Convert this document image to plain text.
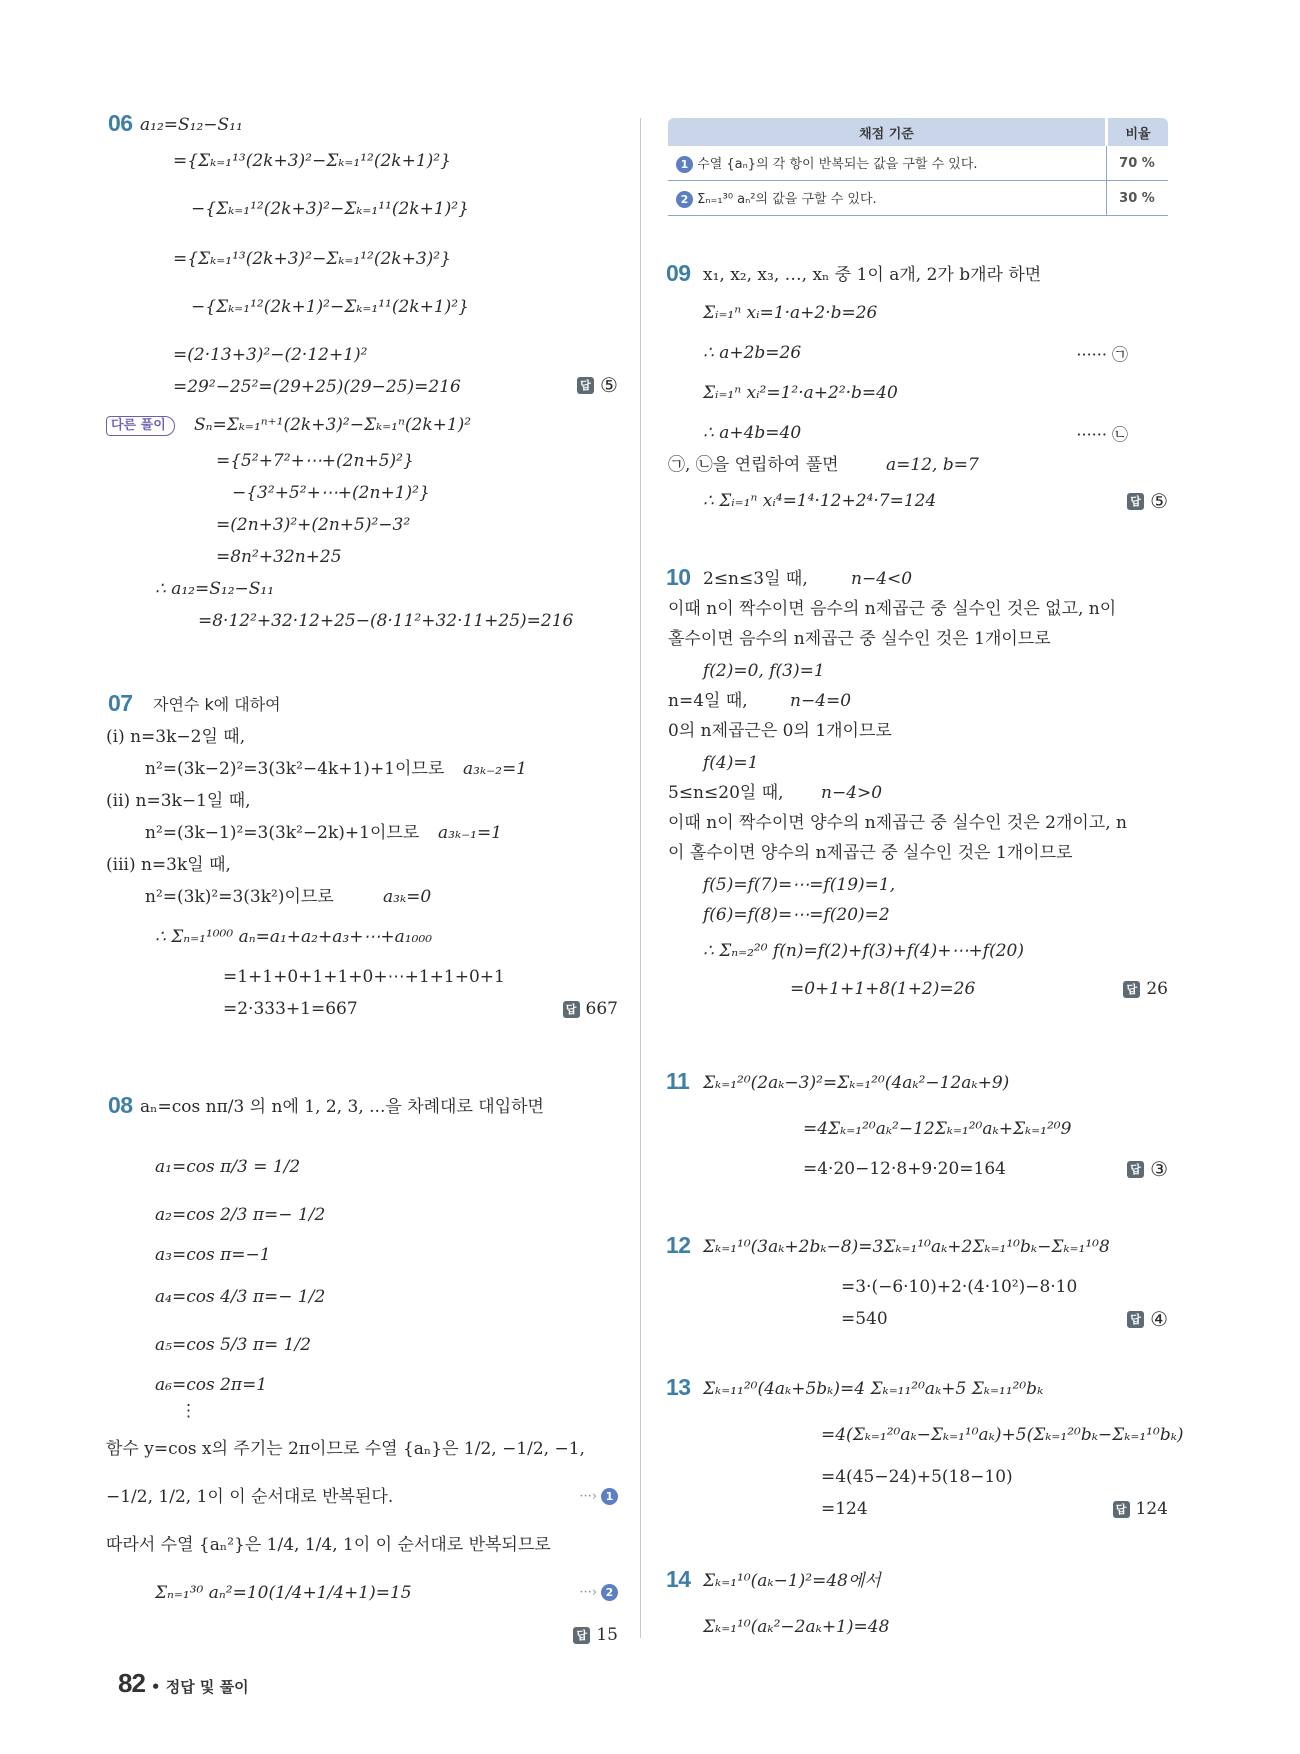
06 a₁₂=S₁₂−S₁₁
={Σₖ₌₁¹³(2k+3)²−Σₖ₌₁¹²(2k+1)²}
−{Σₖ₌₁¹²(2k+3)²−Σₖ₌₁¹¹(2k+1)²}
={Σₖ₌₁¹³(2k+3)²−Σₖ₌₁¹²(2k+3)²}
−{Σₖ₌₁¹²(2k+1)²−Σₖ₌₁¹¹(2k+1)²}
=(2·13+3)²−(2·12+1)²
=29²−25²=(29+25)(29−25)=216	답 ⑤
다른 풀이	Sₙ=Σₖ₌₁ⁿ⁺¹(2k+3)²−Σₖ₌₁ⁿ(2k+1)²
={5²+7²+⋯+(2n+5)²}
−{3²+5²+⋯+(2n+1)²}
=(2n+3)²+(2n+5)²−3²
=8n²+32n+25
∴ a₁₂=S₁₂−S₁₁
=8·12²+32·12+25−(8·11²+32·11+25)=216
07 자연수 k에 대하여
(i) n=3k−2일 때,
n²=(3k−2)²=3(3k²−4k+1)+1이므로 a₃ₖ₋₂=1
(ii) n=3k−1일 때,
n²=(3k−1)²=3(3k²−2k)+1이므로 a₃ₖ₋₁=1
(iii) n=3k일 때,
n²=(3k)²=3(3k²)이므로	a₃ₖ=0
∴ Σₙ₌₁¹⁰⁰⁰ aₙ=a₁+a₂+a₃+⋯+a₁₀₀₀
=1+1+0+1+1+0+⋯+1+1+0+1
=2·333+1=667	답 667
08 aₙ=cos nπ/3 의 n에 1, 2, 3, ...을 차례대로 대입하면
a₁=cos π/3 = 1/2
a₂=cos 2/3 π=− 1/2
a₃=cos π=−1
a₄=cos 4/3 π=− 1/2
a₅=cos 5/3 π= 1/2
a₆=cos 2π=1
⋮
함수 y=cos x의 주기는 2π이므로 수열 {aₙ}은 1/2, −1/2, −1,
−1/2, 1/2, 1이 이 순서대로 반복된다.	···› 1
따라서 수열 {aₙ²}은 1/4, 1/4, 1이 이 순서대로 반복되므로
Σₙ₌₁³⁰ aₙ²=10(1/4+1/4+1)=15	···› 2
답 15
채점 기준	비율
1 수열 {aₙ}의 각 항이 반복되는 값을 구할 수 있다.	70 %
2 Σₙ₌₁³⁰ aₙ²의 값을 구할 수 있다.	30 %
09 x₁, x₂, x₃, …, xₙ 중 1이 a개, 2가 b개라 하면
Σᵢ₌₁ⁿ xᵢ=1·a+2·b=26
∴ a+2b=26	······ ㉠
Σᵢ₌₁ⁿ xᵢ²=1²·a+2²·b=40
∴ a+4b=40	······ ㉡
㉠, ㉡을 연립하여 풀면	a=12, b=7
∴ Σᵢ₌₁ⁿ xᵢ⁴=1⁴·12+2⁴·7=124	답 ⑤
10 2≤n≤3일 때,	n−4<0
이때 n이 짝수이면 음수의 n제곱근 중 실수인 것은 없고, n이
홀수이면 음수의 n제곱근 중 실수인 것은 1개이므로
f(2)=0, f(3)=1
n=4일 때, n−4=0
0의 n제곱근은 0의 1개이므로
f(4)=1
5≤n≤20일 때, n−4>0
이때 n이 짝수이면 양수의 n제곱근 중 실수인 것은 2개이고, n
이 홀수이면 양수의 n제곱근 중 실수인 것은 1개이므로
f(5)=f(7)=⋯=f(19)=1,
f(6)=f(8)=⋯=f(20)=2
∴ Σₙ₌₂²⁰ f(n)=f(2)+f(3)+f(4)+⋯+f(20)
=0+1+1+8(1+2)=26	답 26
11 Σₖ₌₁²⁰(2aₖ−3)²=Σₖ₌₁²⁰(4aₖ²−12aₖ+9)
=4Σₖ₌₁²⁰aₖ²−12Σₖ₌₁²⁰aₖ+Σₖ₌₁²⁰9
=4·20−12·8+9·20=164	답 ③
12 Σₖ₌₁¹⁰(3aₖ+2bₖ−8)=3Σₖ₌₁¹⁰aₖ+2Σₖ₌₁¹⁰bₖ−Σₖ₌₁¹⁰8
=3·(−6·10)+2·(4·10²)−8·10
=540	답 ④
13 Σₖ₌₁₁²⁰(4aₖ+5bₖ)=4 Σₖ₌₁₁²⁰aₖ+5 Σₖ₌₁₁²⁰bₖ
=4(Σₖ₌₁²⁰aₖ−Σₖ₌₁¹⁰aₖ)+5(Σₖ₌₁²⁰bₖ−Σₖ₌₁¹⁰bₖ)
=4(45−24)+5(18−10)
=124	답 124
14 Σₖ₌₁¹⁰(aₖ−1)²=48에서
Σₖ₌₁¹⁰(aₖ²−2aₖ+1)=48
82 • 정답 및 풀이
